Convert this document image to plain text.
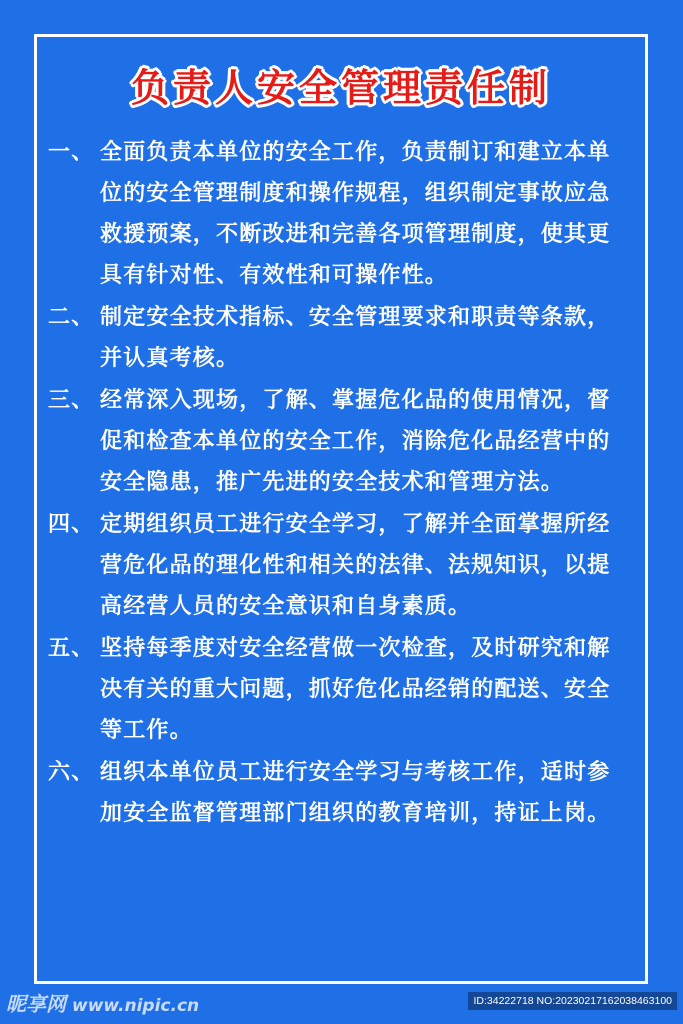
负责人安全管理责任制
一、 全面负责本单位的安全工作，负责制订和建立本单位的安全管理制度和操作规程，组织制定事故应急救援预案，不断改进和完善各项管理制度，使其更具有针对性、有效性和可操作性。
二、 制定安全技术指标、安全管理要求和职责等条款，并认真考核。
三、 经常深入现场，了解、掌握危化品的使用情况，督促和检查本单位的安全工作，消除危化品经营中的安全隐患，推广先进的安全技术和管理方法。
四、 定期组织员工进行安全学习，了解并全面掌握所经营危化品的理化性和相关的法律、法规知识，以提高经营人员的安全意识和自身素质。
五、 坚持每季度对安全经营做一次检查，及时研究和解决有关的重大问题，抓好危化品经销的配送、安全等工作。
六、 组织本单位员工进行安全学习与考核工作，适时参加安全监督管理部门组织的教育培训，持证上岗。
昵享网 www.nipic.cn	ID:34222718 NO:20230217162038463100
